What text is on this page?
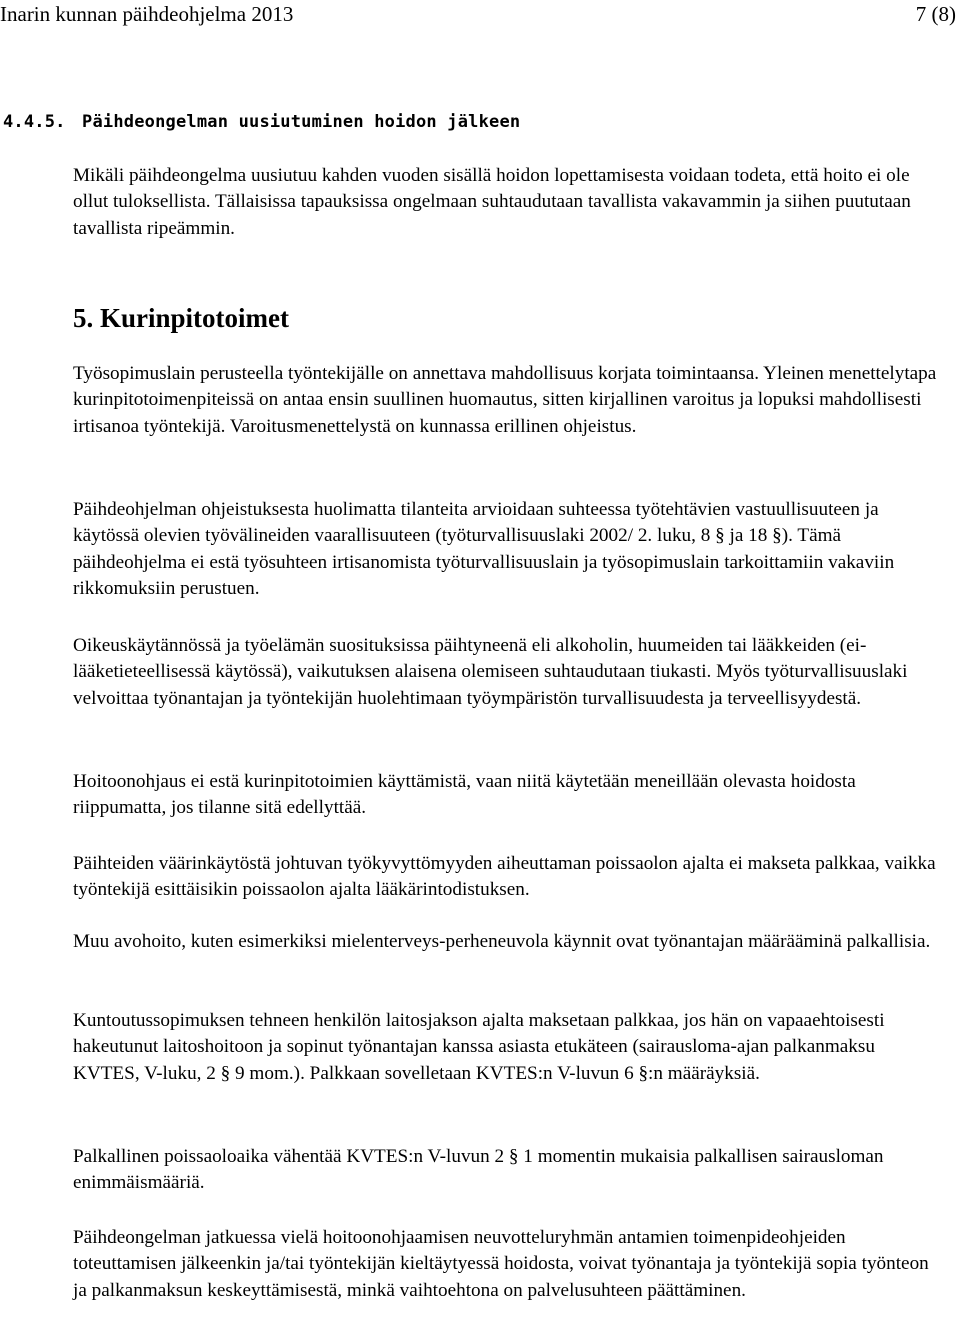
Inarin kunnan päihdeohjelma 2013	7 (8)
4.4.5. Päihdeongelman uusiutuminen hoidon jälkeen

Mikäli päihdeongelma uusiutuu kahden vuoden sisällä hoidon lopettamisesta voidaan todeta, että hoito ei ole ollut tuloksellista. Tällaisissa tapauksissa ongelmaan suhtaudutaan tavallista vakavammin ja siihen puututaan tavallista ripeämmin.

5. Kurinpitotoimet

Työsopimuslain perusteella työntekijälle on annettava mahdollisuus korjata toimintaansa. Yleinen menettelytapa kurinpitotoimenpiteissä on antaa ensin suullinen huomautus, sitten kirjallinen varoitus ja lopuksi mahdollisesti irtisanoa työntekijä. Varoitusmenettelystä on kunnassa erillinen ohjeistus.

Päihdeohjelman ohjeistuksesta huolimatta tilanteita arvioidaan suhteessa työtehtävien vastuullisuuteen ja käytössä olevien työvälineiden vaarallisuuteen (työturvallisuuslaki 2002/ 2. luku, 8 § ja 18 §). Tämä päihdeohjelma ei estä työsuhteen irtisanomista työturvallisuuslain ja työsopimuslain tarkoittamiin vakaviin rikkomuksiin perustuen.

Oikeuskäytännössä ja työelämän suosituksissa päihtyneenä eli alkoholin, huumeiden tai lääkkeiden (ei-lääketieteellisessä käytössä), vaikutuksen alaisena olemiseen suhtaudutaan tiukasti. Myös työturvallisuuslaki velvoittaa työnantajan ja työntekijän huolehtimaan työympäristön turvallisuudesta ja terveellisyydestä.

Hoitoonohjaus ei estä kurinpitotoimien käyttämistä, vaan niitä käytetään meneillään olevasta hoidosta riippumatta, jos tilanne sitä edellyttää.

Päihteiden väärinkäytöstä johtuvan työkyvyttömyyden aiheuttaman poissaolon ajalta ei makseta palkkaa, vaikka työntekijä esittäisikin poissaolon ajalta lääkärintodistuksen.

Muu avohoito, kuten esimerkiksi mielenterveys-perheneuvola käynnit ovat työnantajan määrääminä palkallisia.

Kuntoutussopimuksen tehneen henkilön laitosjakson ajalta maksetaan palkkaa, jos hän on vapaaehtoisesti hakeutunut laitoshoitoon ja sopinut työnantajan kanssa asiasta etukäteen (sairausloma-ajan palkanmaksu KVTES, V-luku, 2 § 9 mom.). Palkkaan sovelletaan KVTES:n V-luvun 6 §:n määräyksiä.

Palkallinen poissaoloaika vähentää KVTES:n V-luvun 2 § 1 momentin mukaisia palkallisen sairausloman enimmäismääriä.

Päihdeongelman jatkuessa vielä hoitoonohjaamisen neuvotteluryhmän antamien toimenpideohjeiden toteuttamisen jälkeenkin ja/tai työntekijän kieltäytyessä hoidosta, voivat työnantaja ja työntekijä sopia työnteon ja palkanmaksun keskeyttämisestä, minkä vaihtoehtona on palvelusuhteen päättäminen.
